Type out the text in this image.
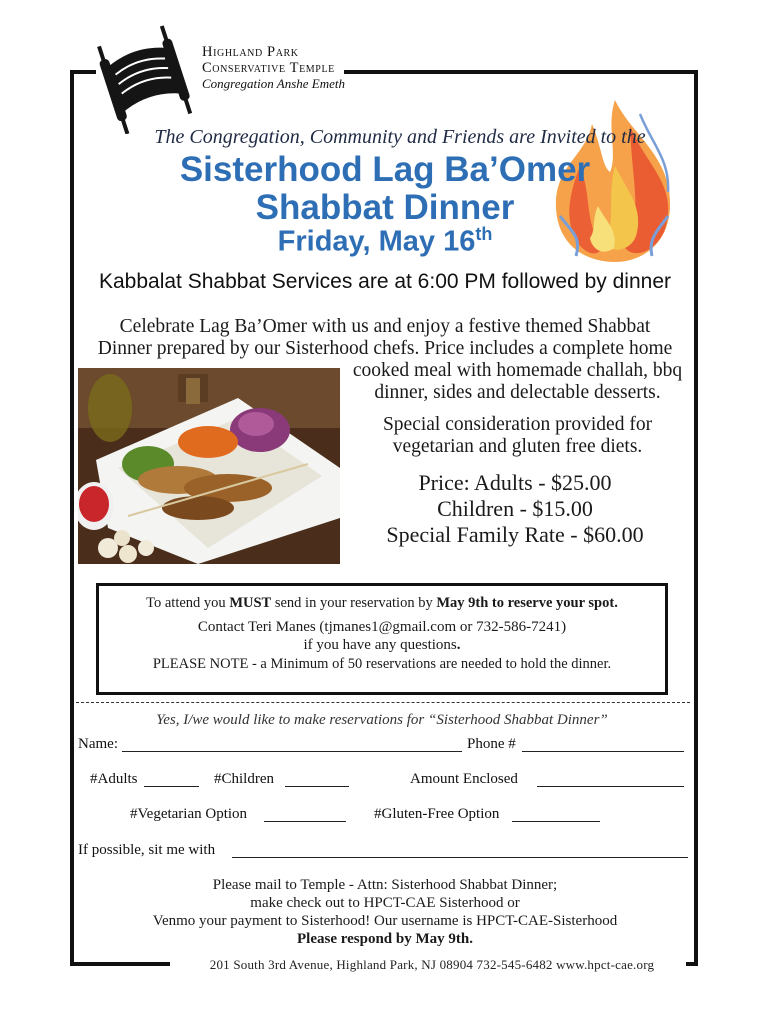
Highland Park
Conservative Temple
Congregation Anshe Emeth
The Congregation, Community and Friends are Invited to the
Sisterhood Lag Ba’Omer
Shabbat Dinner
Friday, May 16th
Kabbalat Shabbat Services are at 6:00 PM followed by dinner
Celebrate Lag Ba’Omer with us and enjoy a festive themed Shabbat
Dinner prepared by our Sisterhood chefs. Price includes a complete home
cooked meal with homemade challah, bbq
dinner, sides and delectable desserts.
Special consideration provided for
vegetarian and gluten free diets.
Price: Adults - $25.00
Children - $15.00
Special Family Rate - $60.00
To attend you MUST send in your reservation by May 9th to reserve your spot.
Contact Teri Manes (tjmanes1@gmail.com or 732-586-7241)
if you have any questions.
PLEASE NOTE - a Minimum of 50 reservations are needed to hold the dinner.
Yes, I/we would like to make reservations for “Sisterhood Shabbat Dinner”
Name:	Phone #
#Adults	#Children	Amount Enclosed
#Vegetarian Option	#Gluten-Free Option
If possible, sit me with
Please mail to Temple - Attn: Sisterhood Shabbat Dinner;
make check out to HPCT-CAE Sisterhood or
Venmo your payment to Sisterhood! Our username is HPCT-CAE-Sisterhood
Please respond by May 9th.
201 South 3rd Avenue, Highland Park, NJ 08904 732-545-6482 www.hpct-cae.org
